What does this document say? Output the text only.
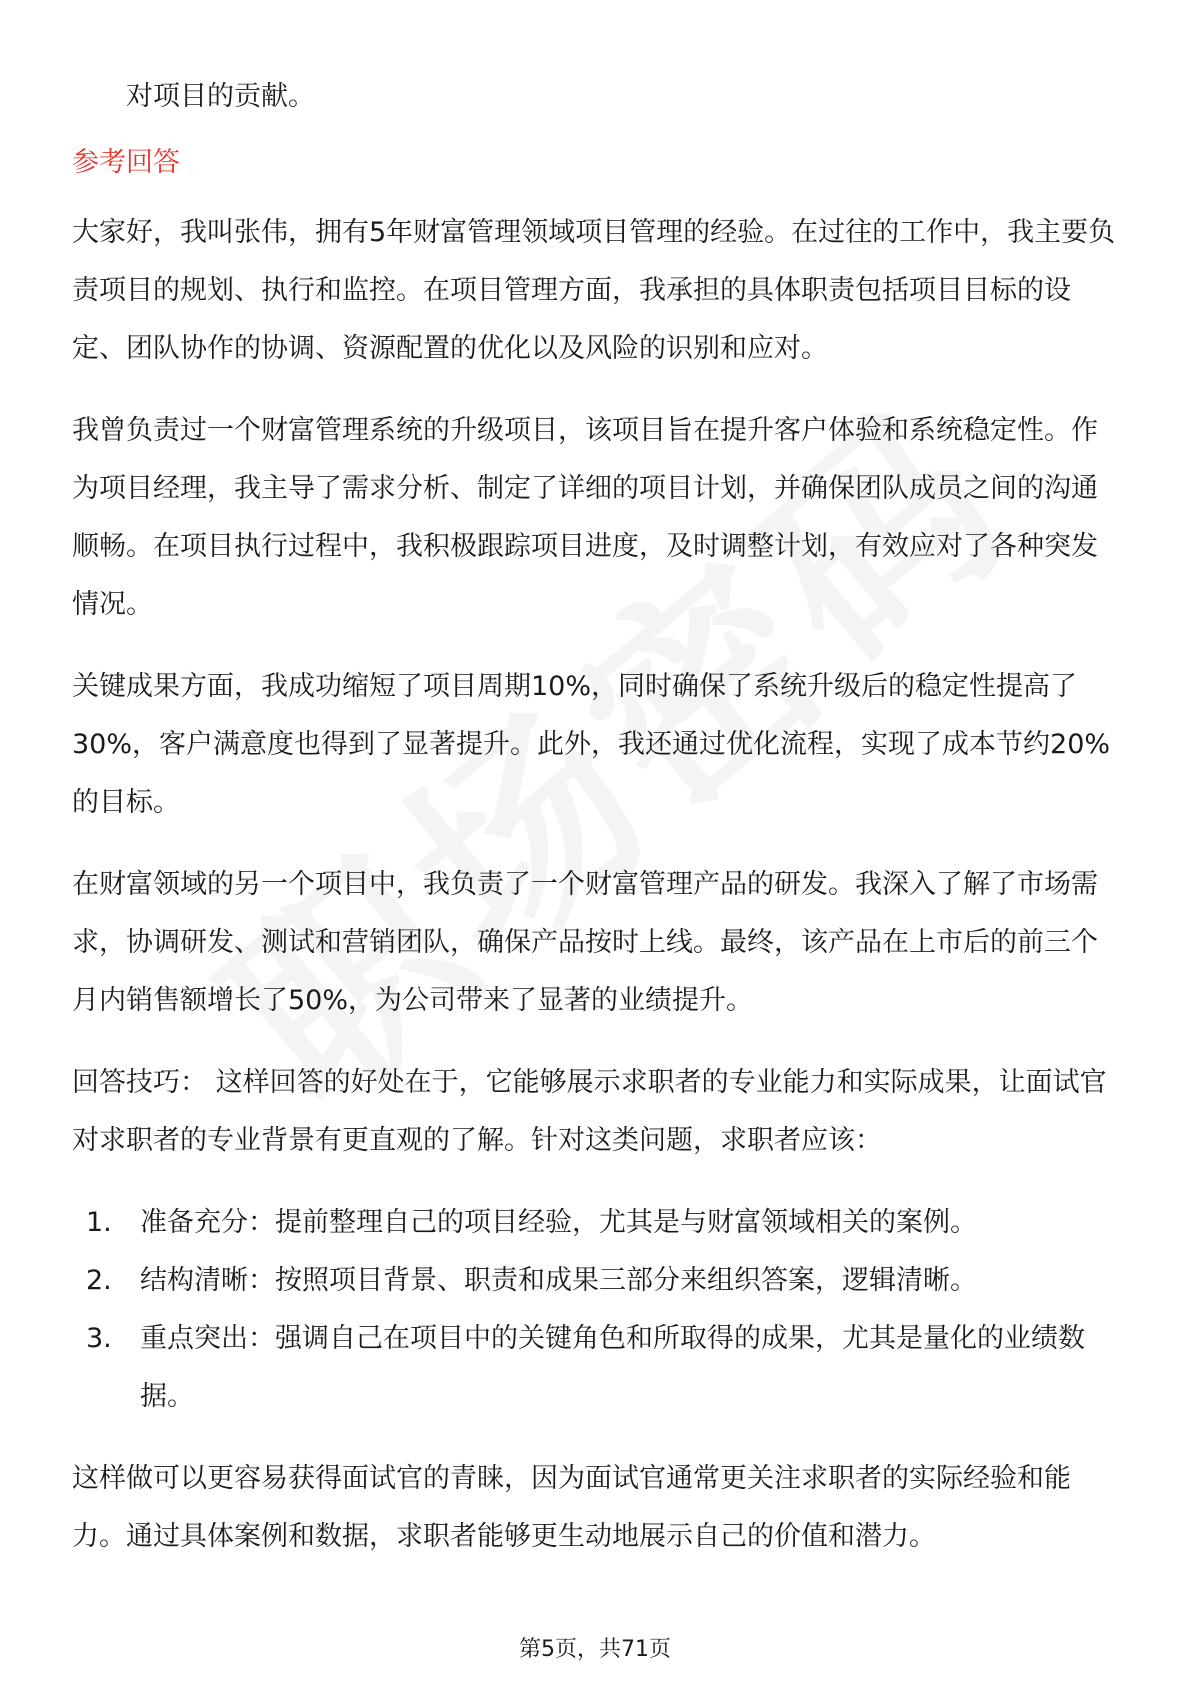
对项目的贡献。

参考回答

大家好，我叫张伟，拥有5年财富管理领域项目管理的经验。在过往的工作中，我主要负责项目的规划、执行和监控。在项目管理方面，我承担的具体职责包括项目目标的设定、团队协作的协调、资源配置的优化以及风险的识别和应对。

我曾负责过一个财富管理系统的升级项目，该项目旨在提升客户体验和系统稳定性。作为项目经理，我主导了需求分析、制定了详细的项目计划，并确保团队成员之间的沟通顺畅。在项目执行过程中，我积极跟踪项目进度，及时调整计划，有效应对了各种突发情况。

关键成果方面，我成功缩短了项目周期10%，同时确保了系统升级后的稳定性提高了30%，客户满意度也得到了显著提升。此外，我还通过优化流程，实现了成本节约20%的目标。

在财富领域的另一个项目中，我负责了一个财富管理产品的研发。我深入了解了市场需求，协调研发、测试和营销团队，确保产品按时上线。最终，该产品在上市后的前三个月内销售额增长了50%，为公司带来了显著的业绩提升。

回答技巧： 这样回答的好处在于，它能够展示求职者的专业能力和实际成果，让面试官对求职者的专业背景有更直观的了解。针对这类问题，求职者应该：

1.	准备充分：提前整理自己的项目经验，尤其是与财富领域相关的案例。
2.	结构清晰：按照项目背景、职责和成果三部分来组织答案，逻辑清晰。
3.	重点突出：强调自己在项目中的关键角色和所取得的成果，尤其是量化的业绩数据。

这样做可以更容易获得面试官的青睐，因为面试官通常更关注求职者的实际经验和能力。通过具体案例和数据，求职者能够更生动地展示自己的价值和潜力。

第5页，共71页
